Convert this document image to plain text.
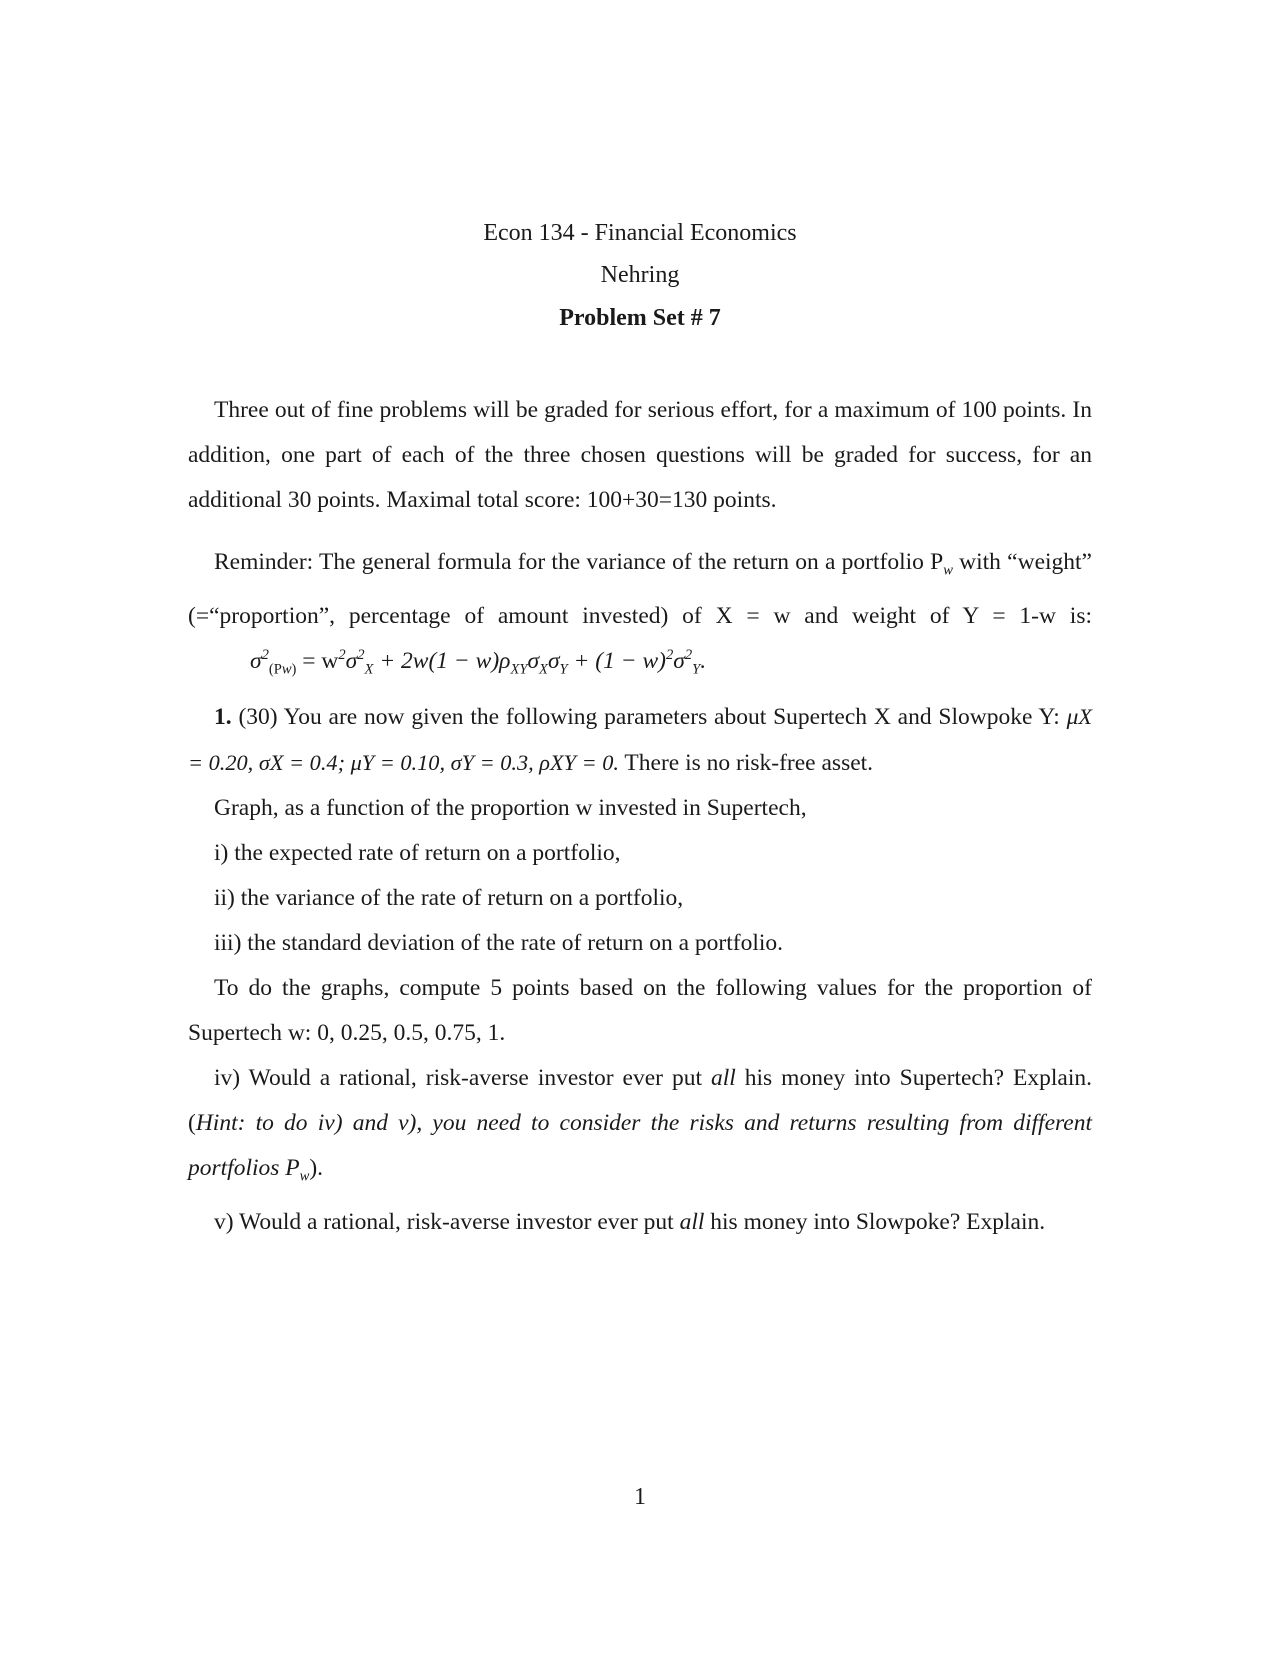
Econ 134 - Financial Economics
Nehring
Problem Set # 7

Three out of fine problems will be graded for serious effort, for a maximum of 100 points. In addition, one part of each of the three chosen questions will be graded for success, for an additional 30 points. Maximal total score: 100+30=130 points.

Reminder: The general formula for the variance of the return on a portfolio $P_w$ with “weight” (=“proportion”, percentage of amount invested) of X = w and weight of Y = 1-w is: $\sigma^2_{(Pw)} = w^2\sigma^2_X + 2w(1 - w)\rho_{XY}\sigma_X\sigma_Y + (1 - w)^2\sigma^2_Y$.

1. (30) You are now given the following parameters about Supertech X and Slowpoke Y: μX = 0.20, σX = 0.4; μY = 0.10, σY = 0.3, ρXY = 0. There is no risk-free asset.

Graph, as a function of the proportion w invested in Supertech,

i) the expected rate of return on a portfolio,

ii) the variance of the rate of return on a portfolio,

iii) the standard deviation of the rate of return on a portfolio.

To do the graphs, compute 5 points based on the following values for the proportion of Supertech w: 0, 0.25, 0.5, 0.75, 1.

iv) Would a rational, risk-averse investor ever put all his money into Supertech? Explain. (Hint: to do iv) and v), you need to consider the risks and returns resulting from different portfolios $P_w$).

v) Would a rational, risk-averse investor ever put all his money into Slowpoke? Explain.

1
